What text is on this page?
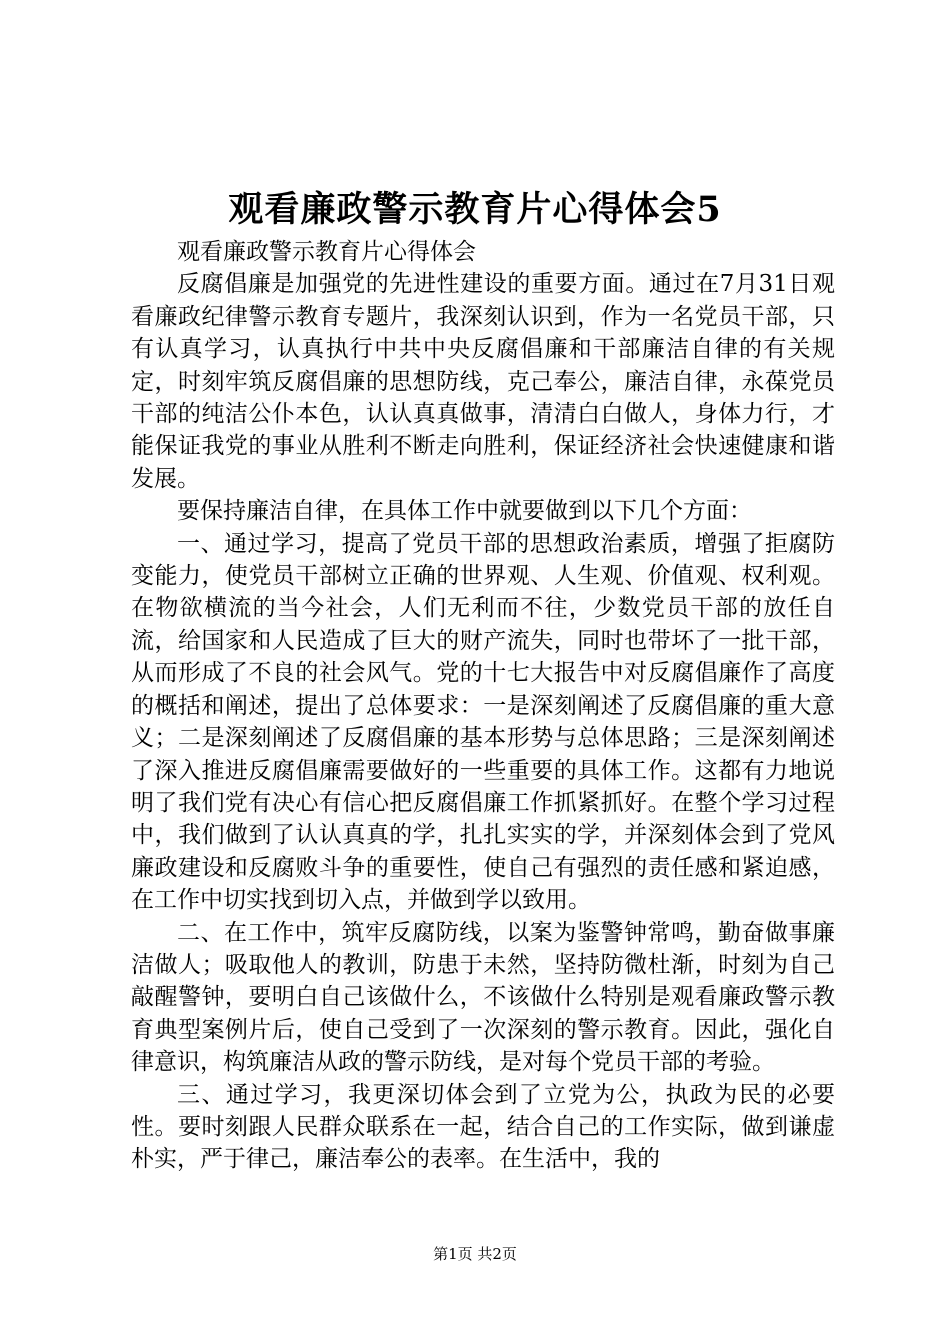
观看廉政警示教育片心得体会5

观看廉政警示教育片心得体会

反腐倡廉是加强党的先进性建设的重要方面。通过在7月31日观看廉政纪律警示教育专题片，我深刻认识到，作为一名党员干部，只有认真学习，认真执行中共中央反腐倡廉和干部廉洁自律的有关规定，时刻牢筑反腐倡廉的思想防线，克己奉公，廉洁自律，永葆党员干部的纯洁公仆本色，认认真真做事，清清白白做人，身体力行，才能保证我党的事业从胜利不断走向胜利，保证经济社会快速健康和谐发展。

要保持廉洁自律，在具体工作中就要做到以下几个方面：

一、通过学习，提高了党员干部的思想政治素质，增强了拒腐防变能力，使党员干部树立正确的世界观、人生观、价值观、权利观。在物欲横流的当今社会，人们无利而不往，少数党员干部的放任自流，给国家和人民造成了巨大的财产流失，同时也带坏了一批干部，从而形成了不良的社会风气。党的十七大报告中对反腐倡廉作了高度的概括和阐述，提出了总体要求：一是深刻阐述了反腐倡廉的重大意义；二是深刻阐述了反腐倡廉的基本形势与总体思路；三是深刻阐述了深入推进反腐倡廉需要做好的一些重要的具体工作。这都有力地说明了我们党有决心有信心把反腐倡廉工作抓紧抓好。在整个学习过程中，我们做到了认认真真的学，扎扎实实的学，并深刻体会到了党风廉政建设和反腐败斗争的重要性，使自己有强烈的责任感和紧迫感，在工作中切实找到切入点，并做到学以致用。

二、在工作中，筑牢反腐防线，以案为鉴警钟常鸣，勤奋做事廉洁做人；吸取他人的教训，防患于未然，坚持防微杜渐，时刻为自己敲醒警钟，要明白自己该做什么，不该做什么特别是观看廉政警示教育典型案例片后，使自己受到了一次深刻的警示教育。因此，强化自律意识，构筑廉洁从政的警示防线，是对每个党员干部的考验。

三、通过学习，我更深切体会到了立党为公，执政为民的必要性。要时刻跟人民群众联系在一起，结合自己的工作实际，做到谦虚朴实，严于律己，廉洁奉公的表率。在生活中，我的

第1页 共2页
